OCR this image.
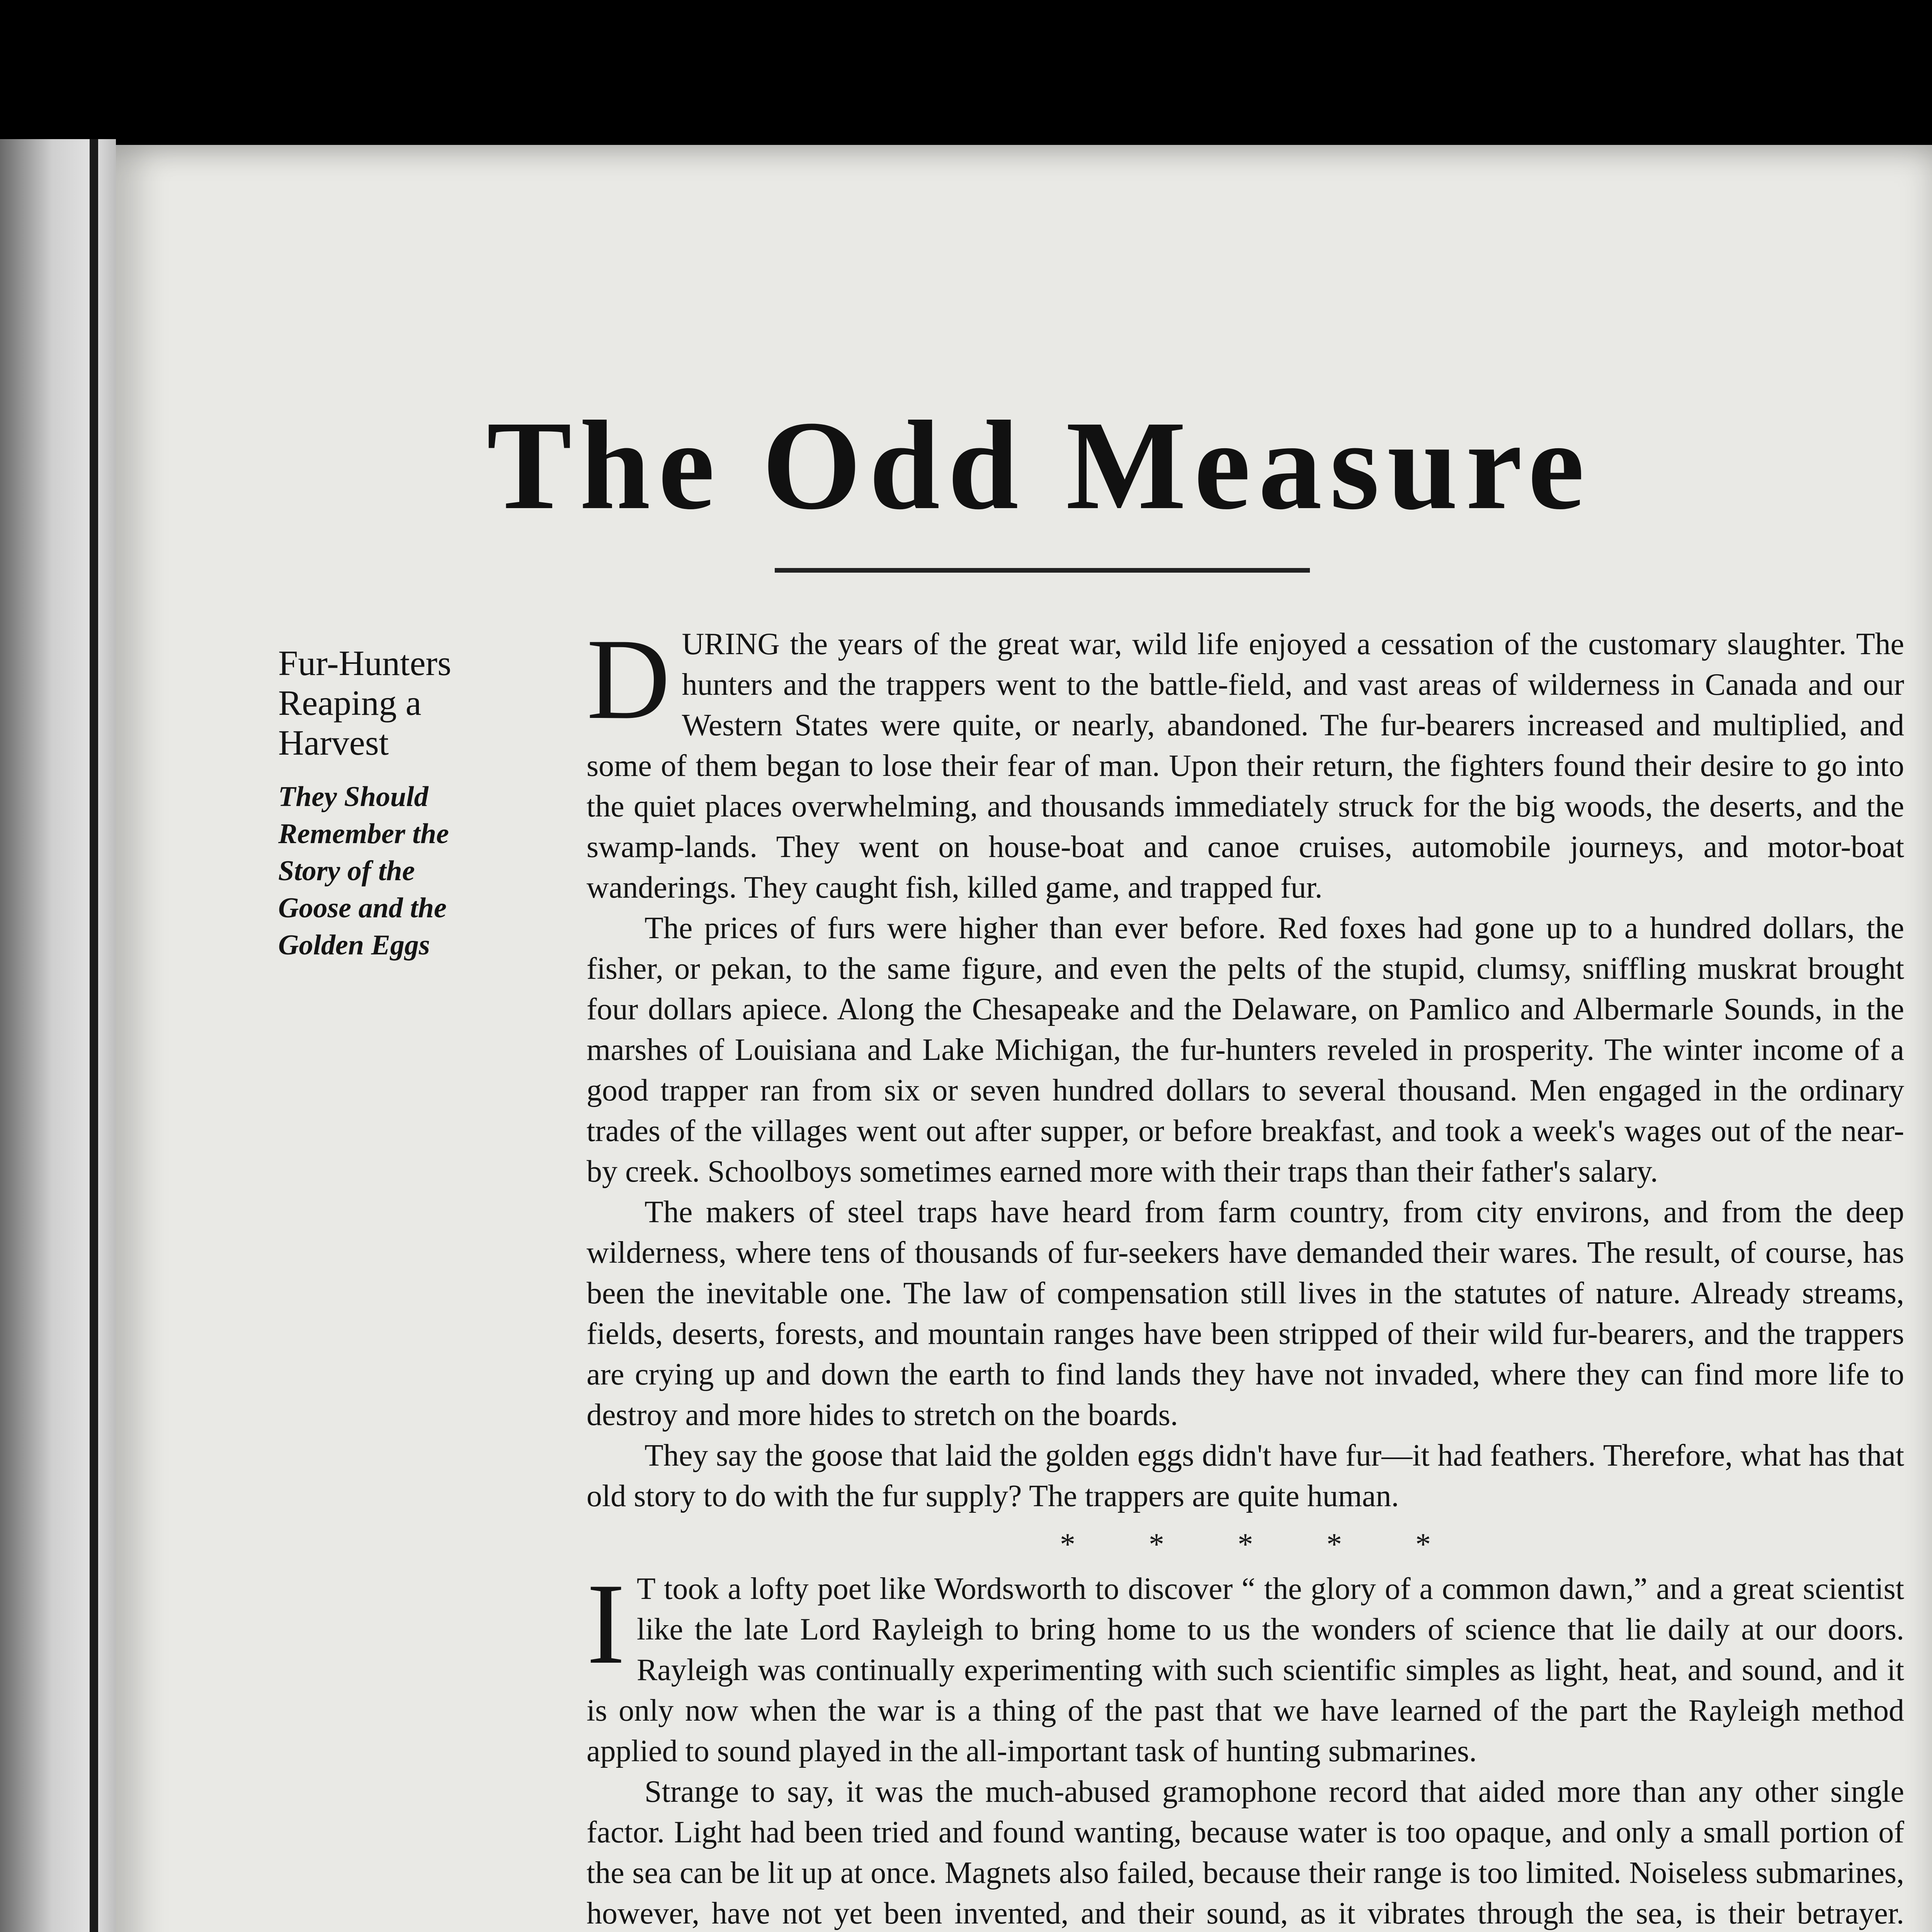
The Odd Measure
Fur-Hunters Reaping a Harvest
They Should Remember the Story of the Goose and the Golden Eggs

DURING the years of the great war, wild life enjoyed a cessation of the customary slaughter. The hunters and the trappers went to the battle-field, and vast areas of wilderness in Canada and our Western States were quite, or nearly, abandoned. The fur-bearers increased and multiplied, and some of them began to lose their fear of man. Upon their return, the fighters found their desire to go into the quiet places overwhelming, and thousands immediately struck for the big woods, the deserts, and the swamp-lands. They went on house-boat and canoe cruises, automobile journeys, and motor-boat wanderings. They caught fish, killed game, and trapped fur.

The prices of furs were higher than ever before. Red foxes had gone up to a hundred dollars, the fisher, or pekan, to the same figure, and even the pelts of the stupid, clumsy, sniffling muskrat brought four dollars apiece. Along the Chesapeake and the Delaware, on Pamlico and Albermarle Sounds, in the marshes of Louisiana and Lake Michigan, the fur-hunters reveled in prosperity. The winter income of a good trapper ran from six or seven hundred dollars to several thousand. Men engaged in the ordinary trades of the villages went out after supper, or before breakfast, and took a week's wages out of the near-by creek. Schoolboys sometimes earned more with their traps than their father's salary.

The makers of steel traps have heard from farm country, from city environs, and from the deep wilderness, where tens of thousands of fur-seekers have demanded their wares. The result, of course, has been the inevitable one. The law of compensation still lives in the statutes of nature. Already streams, fields, deserts, forests, and mountain ranges have been stripped of their wild fur-bearers, and the trappers are crying up and down the earth to find lands they have not invaded, where they can find more life to destroy and more hides to stretch on the boards.

They say the goose that laid the golden eggs didn't have fur—it had feathers. Therefore, what has that old story to do with the fur supply? The trappers are quite human.

* * * * *

I T took a lofty poet like Wordsworth to discover “ the glory of a common dawn,” and a great scientist like the late Lord Rayleigh to bring home to us the wonders of science that lie daily at our doors. Rayleigh was continually experimenting with such scientific simples as light, heat, and sound, and it is only now when the war is a thing of the past that we have learned of the part the Rayleigh method applied to sound played in the all-important task of hunting submarines.

Strange to say, it was the much-abused gramophone record that aided more than any other single factor. Light had been tried and found wanting, because water is too opaque, and only a small portion of the sea can be lit up at once. Magnets also failed, because their range is too limited. Noiseless submarines, however, have not yet been invented, and their sound, as it vibrates through the sea, is their betrayer.
